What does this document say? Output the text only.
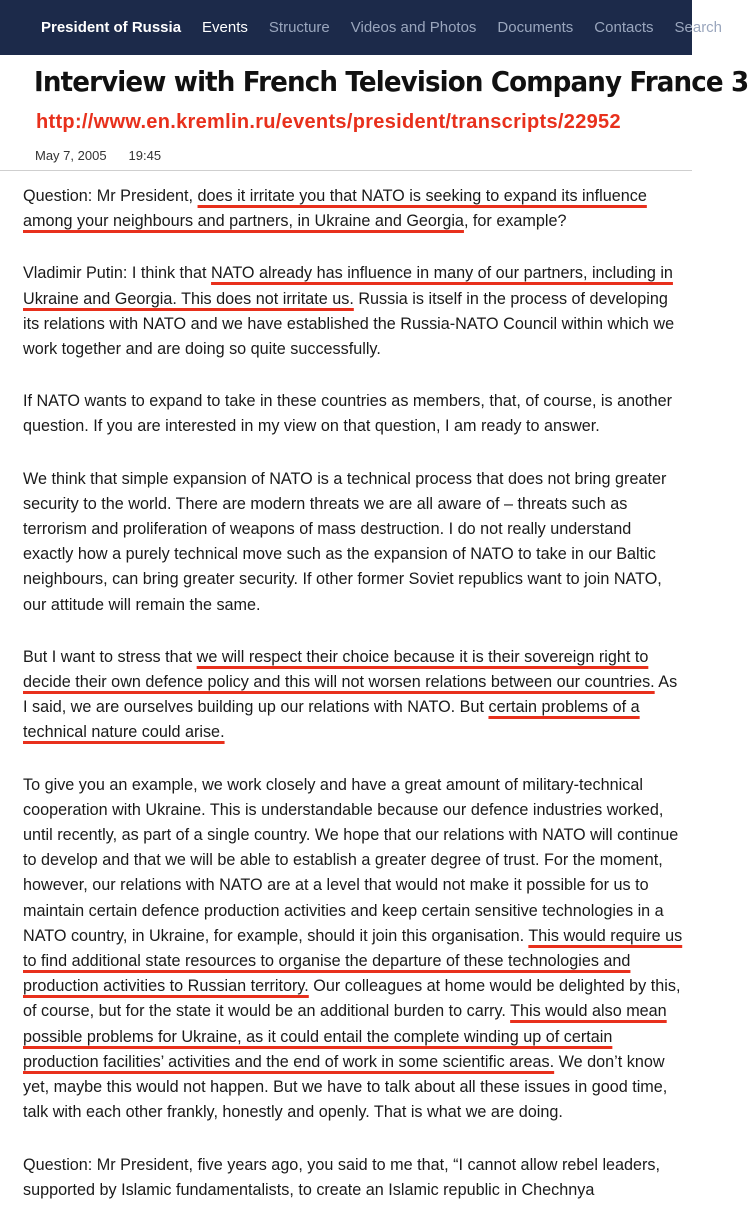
President of Russia Events Structure Videos and Photos Documents Contacts Search
Interview with French Television Company France 3
http://www.en.kremlin.ru/events/president/transcripts/22952
May 7, 2005 19:45

Question: Mr President, does it irritate you that NATO is seeking to expand its influence among your neighbours and partners, in Ukraine and Georgia, for example?

Vladimir Putin: I think that NATO already has influence in many of our partners, including in Ukraine and Georgia. This does not irritate us. Russia is itself in the process of developing its relations with NATO and we have established the Russia-NATO Council within which we work together and are doing so quite successfully.

If NATO wants to expand to take in these countries as members, that, of course, is another question. If you are interested in my view on that question, I am ready to answer.

We think that simple expansion of NATO is a technical process that does not bring greater security to the world. There are modern threats we are all aware of – threats such as terrorism and proliferation of weapons of mass destruction. I do not really understand exactly how a purely technical move such as the expansion of NATO to take in our Baltic neighbours, can bring greater security. If other former Soviet republics want to join NATO, our attitude will remain the same.

But I want to stress that we will respect their choice because it is their sovereign right to decide their own defence policy and this will not worsen relations between our countries. As I said, we are ourselves building up our relations with NATO. But certain problems of a technical nature could arise.

To give you an example, we work closely and have a great amount of military-technical cooperation with Ukraine. This is understandable because our defence industries worked, until recently, as part of a single country. We hope that our relations with NATO will continue to develop and that we will be able to establish a greater degree of trust. For the moment, however, our relations with NATO are at a level that would not make it possible for us to maintain certain defence production activities and keep certain sensitive technologies in a NATO country, in Ukraine, for example, should it join this organisation. This would require us to find additional state resources to organise the departure of these technologies and production activities to Russian territory. Our colleagues at home would be delighted by this, of course, but for the state it would be an additional burden to carry. This would also mean possible problems for Ukraine, as it could entail the complete winding up of certain production facilities’ activities and the end of work in some scientific areas. We don’t know yet, maybe this would not happen. But we have to talk about all these issues in good time, talk with each other frankly, honestly and openly. That is what we are doing.

Question: Mr President, five years ago, you said to me that, “I cannot allow rebel leaders, supported by Islamic fundamentalists, to create an Islamic republic in Chechnya
